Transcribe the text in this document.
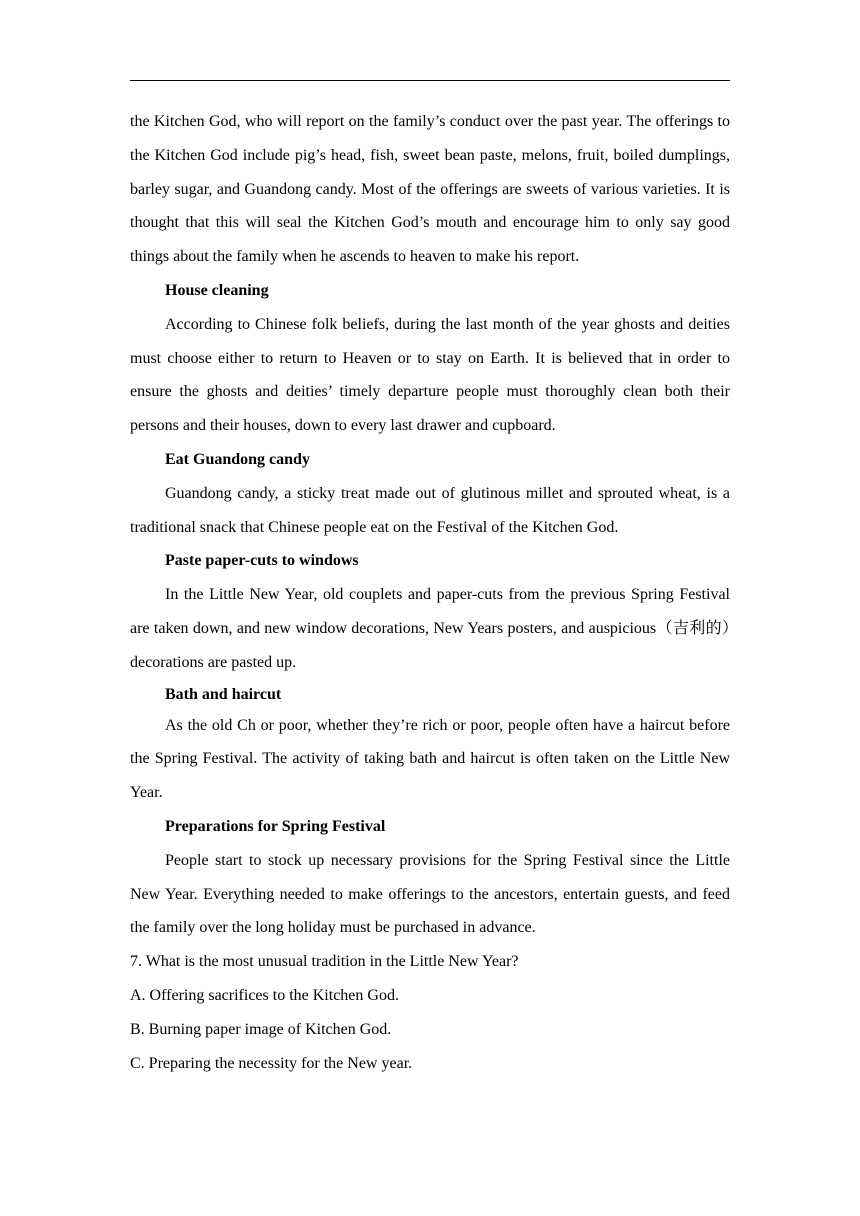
the Kitchen God, who will report on the family’s conduct over the past year. The offerings to the Kitchen God include pig’s head, fish, sweet bean paste, melons, fruit, boiled dumplings, barley sugar, and Guandong candy. Most of the offerings are sweets of various varieties. It is thought that this will seal the Kitchen God’s mouth and encourage him to only say good things about the family when he ascends to heaven to make his report.

House cleaning

According to Chinese folk beliefs, during the last month of the year ghosts and deities must choose either to return to Heaven or to stay on Earth. It is believed that in order to ensure the ghosts and deities’ timely departure people must thoroughly clean both their persons and their houses, down to every last drawer and cupboard.

Eat Guandong candy

Guandong candy, a sticky treat made out of glutinous millet and sprouted wheat, is a traditional snack that Chinese people eat on the Festival of the Kitchen God.

Paste paper-cuts to windows

In the Little New Year, old couplets and paper-cuts from the previous Spring Festival are taken down, and new window decorations, New Years posters, and auspicious（吉利的）decorations are pasted up.

Bath and haircut

As the old Ch or poor, whether they’re rich or poor, people often have a haircut before the Spring Festival. The activity of taking bath and haircut is often taken on the Little New Year.

Preparations for Spring Festival

People start to stock up necessary provisions for the Spring Festival since the Little New Year. Everything needed to make offerings to the ancestors, entertain guests, and feed the family over the long holiday must be purchased in advance.

7. What is the most unusual tradition in the Little New Year?

A. Offering sacrifices to the Kitchen God.

B. Burning paper image of Kitchen God.

C. Preparing the necessity for the New year.
